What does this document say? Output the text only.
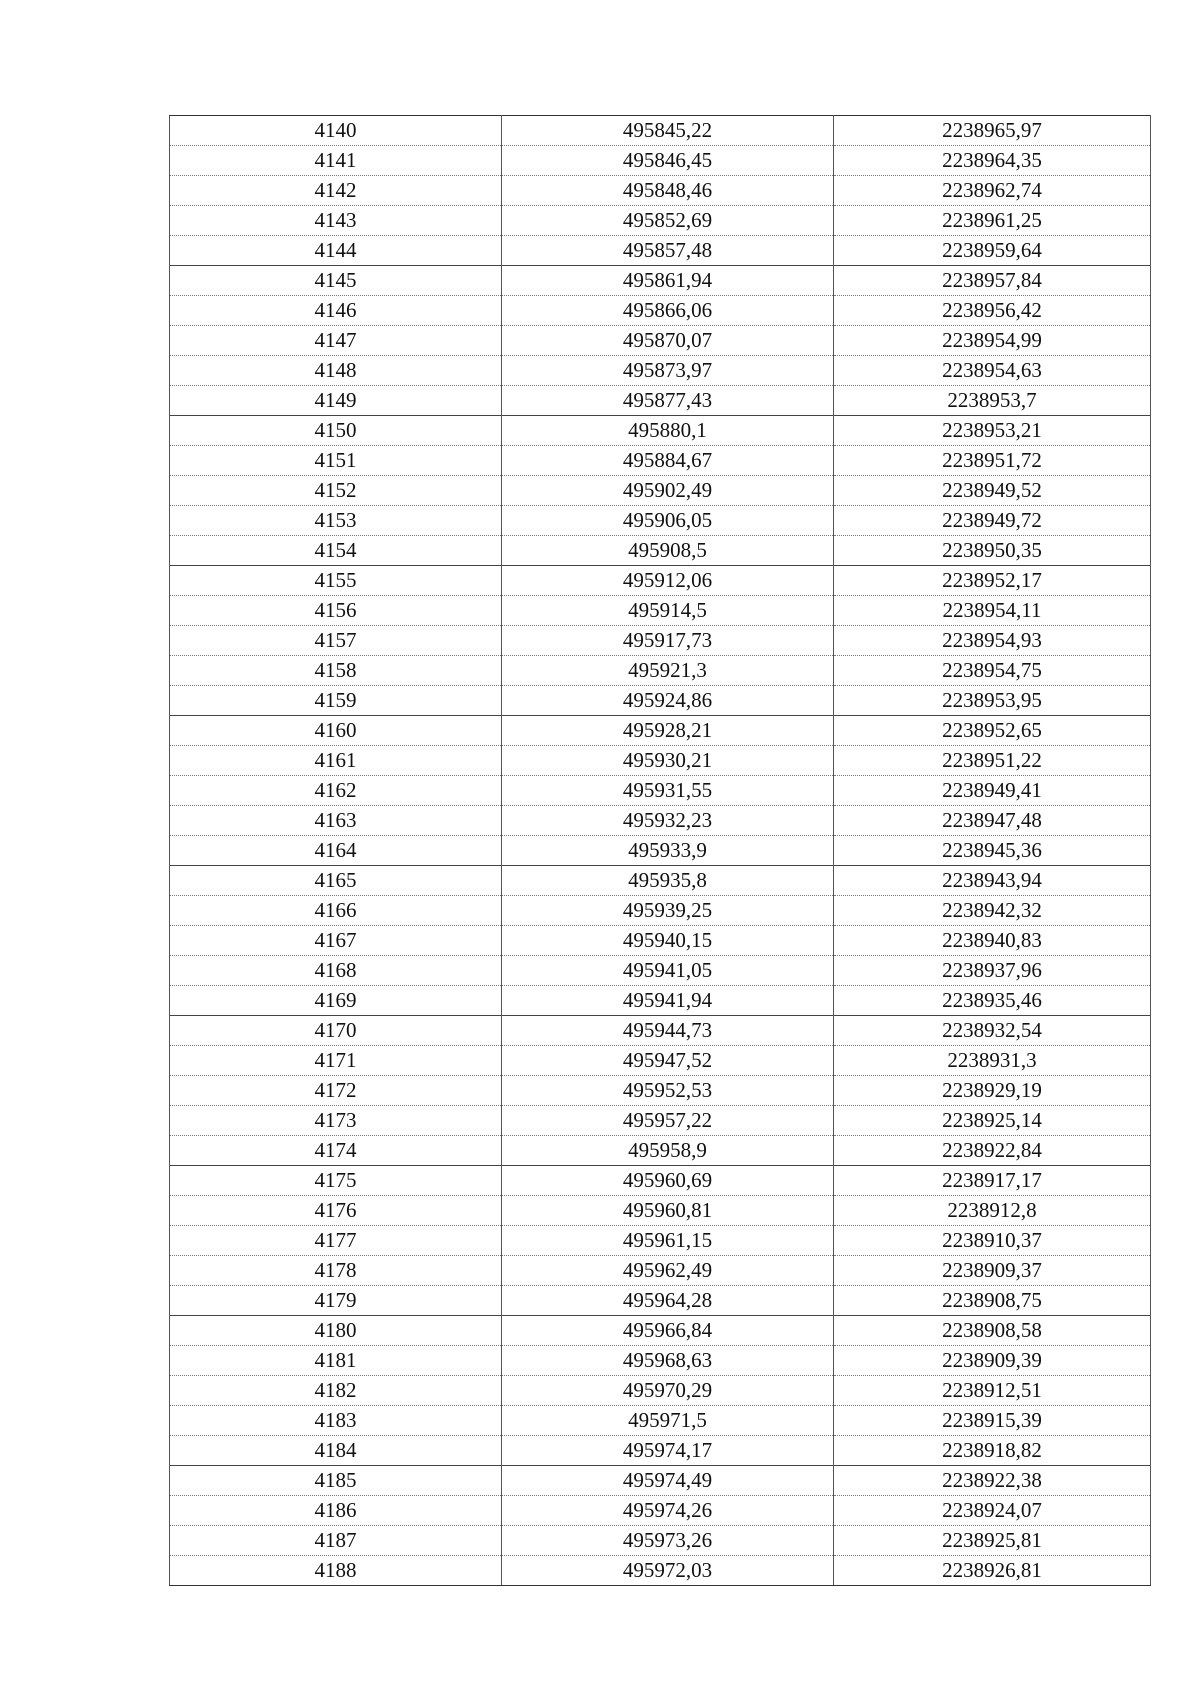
4140	495845,22	2238965,97
4141	495846,45	2238964,35
4142	495848,46	2238962,74
4143	495852,69	2238961,25
4144	495857,48	2238959,64
4145	495861,94	2238957,84
4146	495866,06	2238956,42
4147	495870,07	2238954,99
4148	495873,97	2238954,63
4149	495877,43	2238953,7
4150	495880,1	2238953,21
4151	495884,67	2238951,72
4152	495902,49	2238949,52
4153	495906,05	2238949,72
4154	495908,5	2238950,35
4155	495912,06	2238952,17
4156	495914,5	2238954,11
4157	495917,73	2238954,93
4158	495921,3	2238954,75
4159	495924,86	2238953,95
4160	495928,21	2238952,65
4161	495930,21	2238951,22
4162	495931,55	2238949,41
4163	495932,23	2238947,48
4164	495933,9	2238945,36
4165	495935,8	2238943,94
4166	495939,25	2238942,32
4167	495940,15	2238940,83
4168	495941,05	2238937,96
4169	495941,94	2238935,46
4170	495944,73	2238932,54
4171	495947,52	2238931,3
4172	495952,53	2238929,19
4173	495957,22	2238925,14
4174	495958,9	2238922,84
4175	495960,69	2238917,17
4176	495960,81	2238912,8
4177	495961,15	2238910,37
4178	495962,49	2238909,37
4179	495964,28	2238908,75
4180	495966,84	2238908,58
4181	495968,63	2238909,39
4182	495970,29	2238912,51
4183	495971,5	2238915,39
4184	495974,17	2238918,82
4185	495974,49	2238922,38
4186	495974,26	2238924,07
4187	495973,26	2238925,81
4188	495972,03	2238926,81
